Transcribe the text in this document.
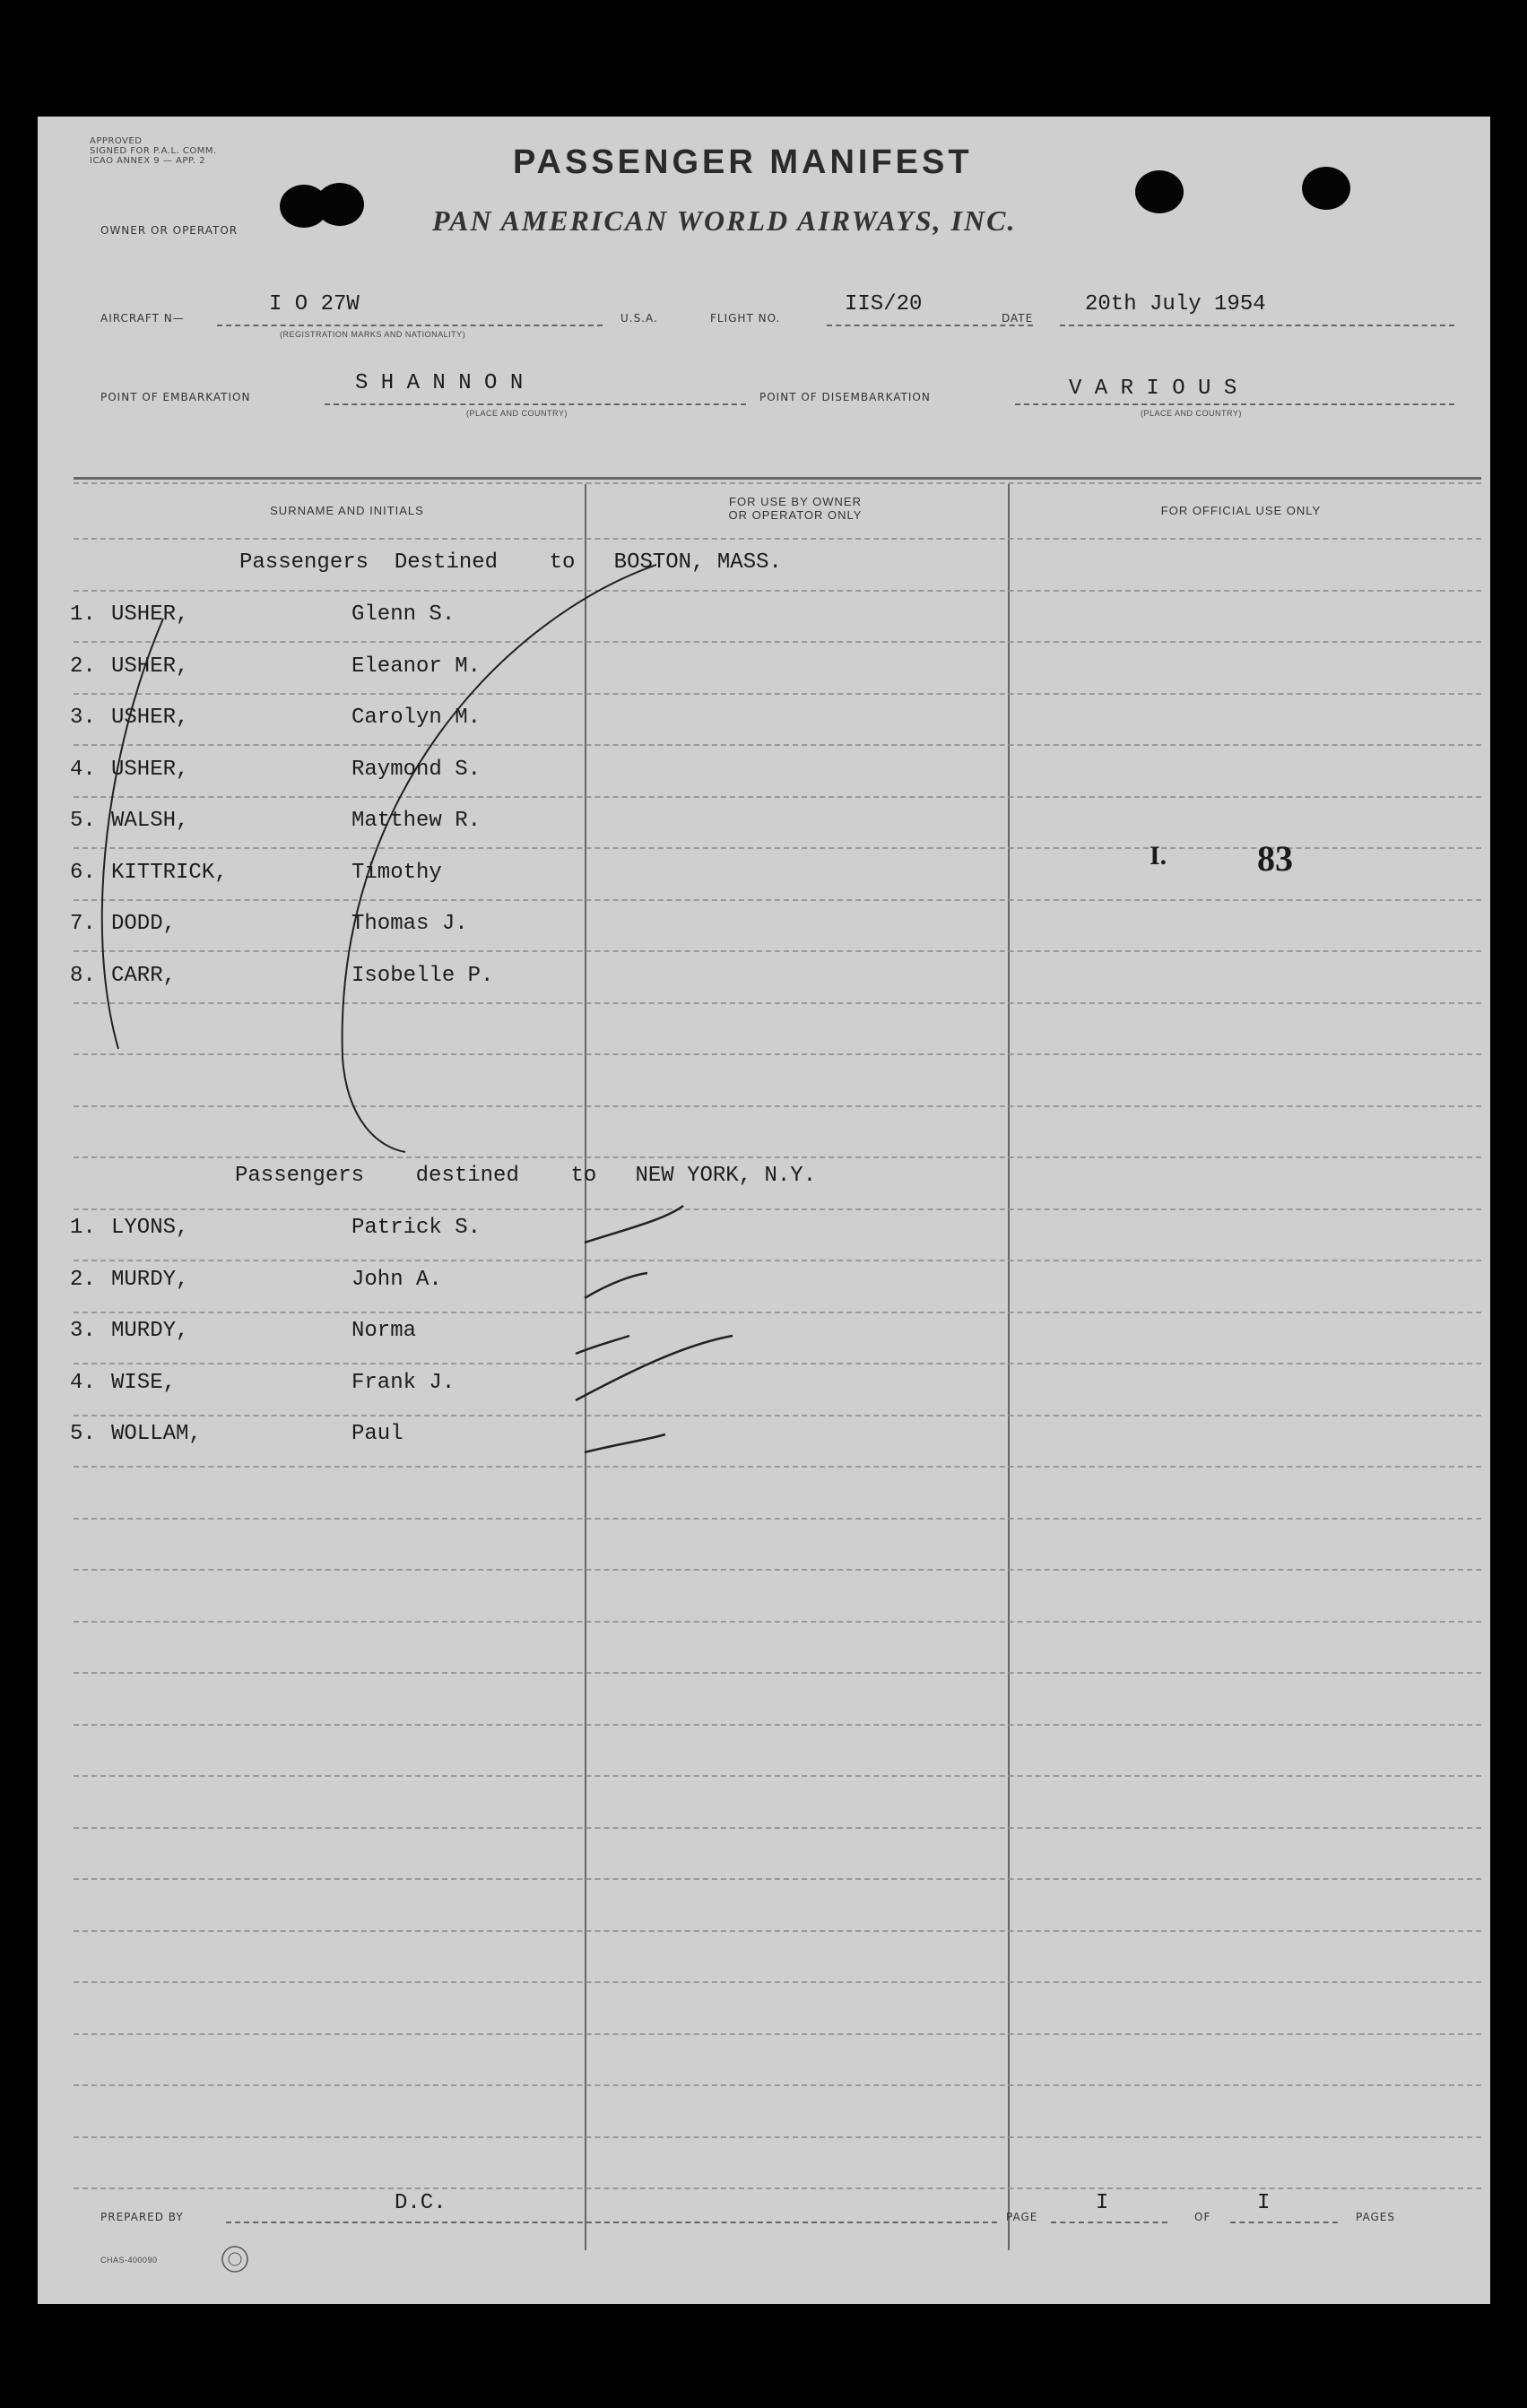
APPROVED
SIGNED FOR P.A.L. COMM.
ICAO ANNEX 9 — APP. 2	PASSENGER MANIFEST
PAN AMERICAN WORLD AIRWAYS, INC.
OWNER OR OPERATOR
AIRCRAFT N—
I O 27W
(REGISTRATION MARKS AND NATIONALITY)
U.S.A.	FLIGHT NO.
IIS/20
DATE
20th July 1954
POINT OF EMBARKATION
S H A N N O N
(PLACE AND COUNTRY)
POINT OF DISEMBARKATION	V A R I O U S
(PLACE AND COUNTRY)
SURNAME AND INITIALS
FOR USE BY OWNER
OR OPERATOR ONLY	FOR OFFICIAL USE ONLY
Passengers  Destined    to   BOSTON, MASS.
1. USHER,	Glenn S.
2. USHER,	Eleanor M.
3. USHER,	Carolyn M.
4. USHER,	Raymond S.
5. WALSH,	Matthew R.
6. KITTRICK,	Timothy
7. DODD,	Thomas J.
8. CARR,	Isobelle P.
I.	83
Passengers    destined    to   NEW YORK, N.Y.
1. LYONS,	Patrick S.
2. MURDY,	John A.
3. MURDY,	Norma
4. WISE,	Frank J.
5. WOLLAM,	Paul
PREPARED BY
D.C.
PAGE
I
OF
I
PAGES
CHAS-400090
